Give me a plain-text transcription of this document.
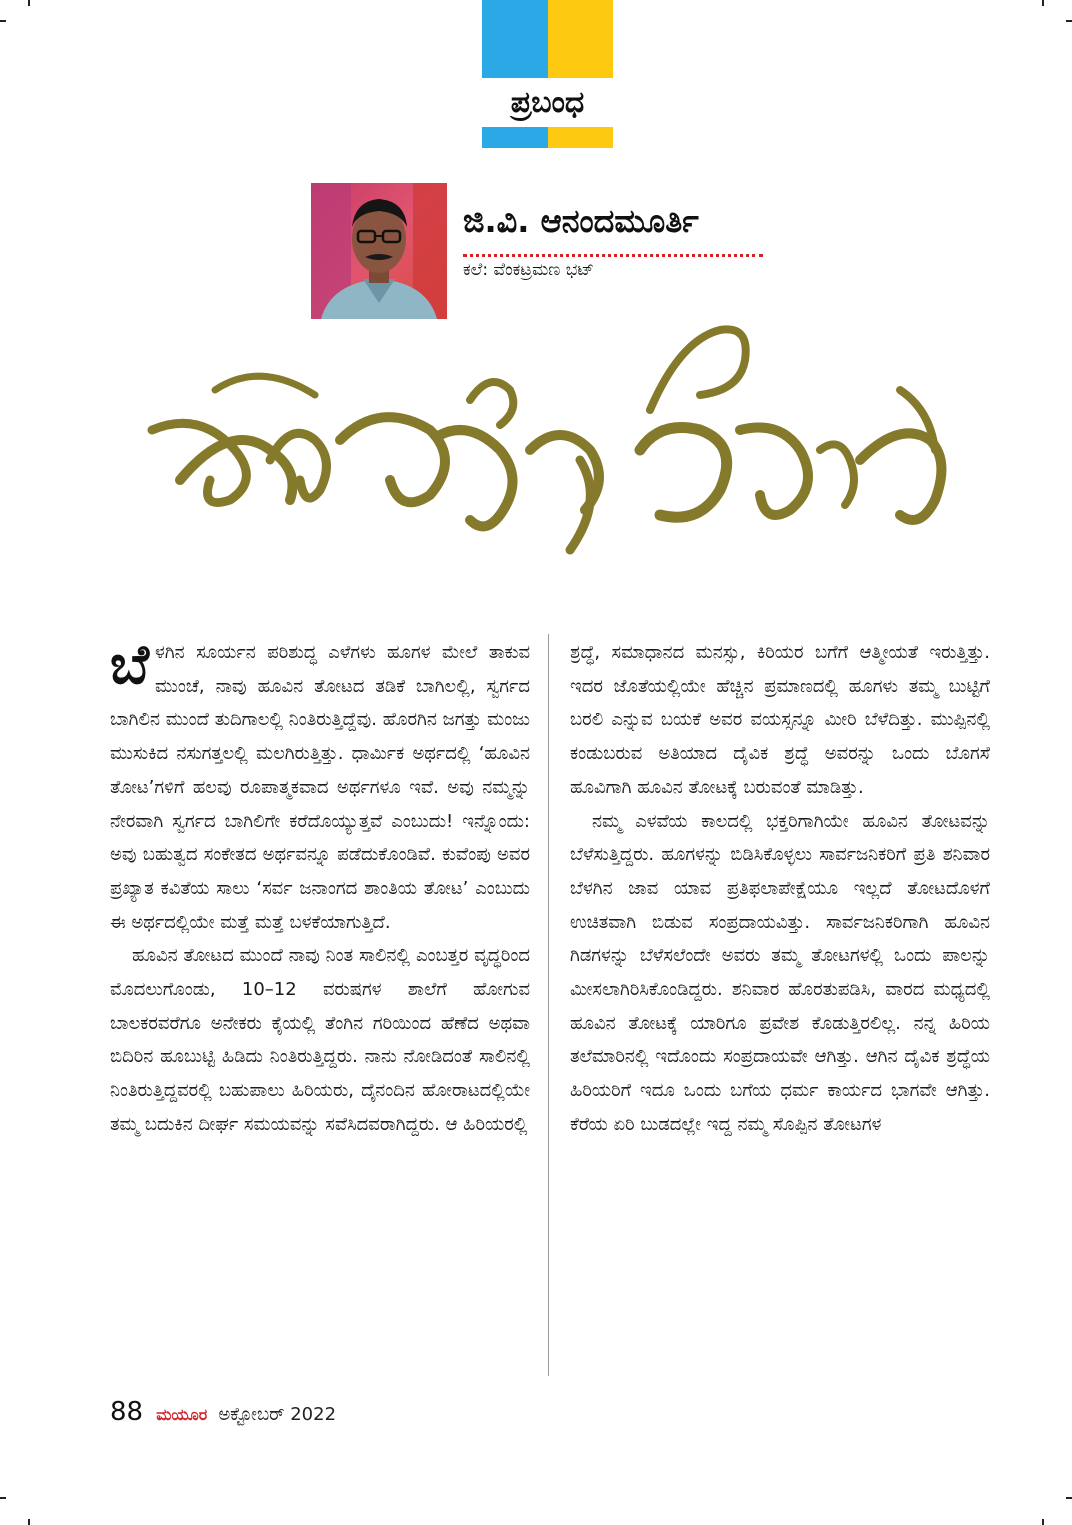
ಪ್ರಬಂಧ
ಜಿ.ವಿ. ಆನಂದಮೂರ್ತಿ
ಕಲೆ: ವೆಂಕಟ್ರಮಣ ಭಟ್

ಬೆಳಗಿನ ಸೂರ್ಯನ ಪರಿಶುದ್ಧ ಎಳೆಗಳು ಹೂಗಳ ಮೇಲೆ ತಾಕುವ ಮುಂಚೆ, ನಾವು ಹೂವಿನ ತೋಟದ ತಡಿಕೆ ಬಾಗಿಲಲ್ಲಿ, ಸ್ವರ್ಗದ ಬಾಗಿಲಿನ ಮುಂದೆ ತುದಿಗಾಲಲ್ಲಿ ನಿಂತಿರುತ್ತಿದ್ದೆವು. ಹೊರಗಿನ ಜಗತ್ತು ಮಂಜು ಮುಸುಕಿದ ನಸುಗತ್ತಲಲ್ಲಿ ಮಲಗಿರುತ್ತಿತ್ತು. ಧಾರ್ಮಿಕ ಅರ್ಥದಲ್ಲಿ ‘ಹೂವಿನ ತೋಟ’ಗಳಿಗೆ ಹಲವು ರೂಪಾತ್ಮಕವಾದ ಅರ್ಥಗಳೂ ಇವೆ. ಅವು ನಮ್ಮನ್ನು ನೇರವಾಗಿ ಸ್ವರ್ಗದ ಬಾಗಿಲಿಗೇ ಕರೆದೊಯ್ಯುತ್ತವೆ ಎಂಬುದು! ಇನ್ನೊಂದು: ಅವು ಬಹುತ್ವದ ಸಂಕೇತದ ಅರ್ಥವನ್ನೂ ಪಡೆದುಕೊಂಡಿವೆ. ಕುವೆಂಪು ಅವರ ಪ್ರಖ್ಯಾತ ಕವಿತೆಯ ಸಾಲು ‘ಸರ್ವ ಜನಾಂಗದ ಶಾಂತಿಯ ತೋಟ’ ಎಂಬುದು ಈ ಅರ್ಥದಲ್ಲಿಯೇ ಮತ್ತೆ ಮತ್ತೆ ಬಳಕೆಯಾಗುತ್ತಿದೆ.

ಹೂವಿನ ತೋಟದ ಮುಂದೆ ನಾವು ನಿಂತ ಸಾಲಿನಲ್ಲಿ ಎಂಬತ್ತರ ವೃದ್ಧರಿಂದ ಮೊದಲುಗೊಂಡು, 10–12 ವರುಷಗಳ ಶಾಲೆಗೆ ಹೋಗುವ ಬಾಲಕರವರೆಗೂ ಅನೇಕರು ಕೈಯಲ್ಲಿ ತೆಂಗಿನ ಗರಿಯಿಂದ ಹೆಣೆದ ಅಥವಾ ಬಿದಿರಿನ ಹೂಬುಟ್ಟಿ ಹಿಡಿದು ನಿಂತಿರುತ್ತಿದ್ದರು. ನಾನು ನೋಡಿದಂತೆ ಸಾಲಿನಲ್ಲಿ ನಿಂತಿರುತ್ತಿದ್ದವರಲ್ಲಿ ಬಹುಪಾಲು ಹಿರಿಯರು, ದೈನಂದಿನ ಹೋರಾಟದಲ್ಲಿಯೇ ತಮ್ಮ ಬದುಕಿನ ದೀರ್ಘ ಸಮಯವನ್ನು ಸವೆಸಿದವರಾಗಿದ್ದರು. ಆ ಹಿರಿಯರಲ್ಲಿ

ಶ್ರದ್ಧೆ, ಸಮಾಧಾನದ ಮನಸ್ಸು, ಕಿರಿಯರ ಬಗೆಗೆ ಆತ್ಮೀಯತೆ ಇರುತ್ತಿತ್ತು. ಇದರ ಜೊತೆಯಲ್ಲಿಯೇ ಹೆಚ್ಚಿನ ಪ್ರಮಾಣದಲ್ಲಿ ಹೂಗಳು ತಮ್ಮ ಬುಟ್ಟಿಗೆ ಬರಲಿ ಎನ್ನುವ ಬಯಕೆ ಅವರ ವಯಸ್ಸನ್ನೂ ಮೀರಿ ಬೆಳೆದಿತ್ತು. ಮುಪ್ಪಿನಲ್ಲಿ ಕಂಡುಬರುವ ಅತಿಯಾದ ದೈವಿಕ ಶ್ರದ್ಧೆ ಅವರನ್ನು ಒಂದು ಬೊಗಸೆ ಹೂವಿಗಾಗಿ ಹೂವಿನ ತೋಟಕ್ಕೆ ಬರುವಂತೆ ಮಾಡಿತ್ತು.

ನಮ್ಮ ಎಳವೆಯ ಕಾಲದಲ್ಲಿ ಭಕ್ತರಿಗಾಗಿಯೇ ಹೂವಿನ ತೋಟವನ್ನು ಬೆಳೆಸುತ್ತಿದ್ದರು. ಹೂಗಳನ್ನು ಬಿಡಿಸಿಕೊಳ್ಳಲು ಸಾರ್ವಜನಿಕರಿಗೆ ಪ್ರತಿ ಶನಿವಾರ ಬೆಳಗಿನ ಜಾವ ಯಾವ ಪ್ರತಿಫಲಾಪೇಕ್ಷೆಯೂ ಇಲ್ಲದೆ ತೋಟದೊಳಗೆ ಉಚಿತವಾಗಿ ಬಿಡುವ ಸಂಪ್ರದಾಯವಿತ್ತು. ಸಾರ್ವಜನಿಕರಿಗಾಗಿ ಹೂವಿನ ಗಿಡಗಳನ್ನು ಬೆಳೆಸಲೆಂದೇ ಅವರು ತಮ್ಮ ತೋಟಗಳಲ್ಲಿ ಒಂದು ಪಾಲನ್ನು ಮೀಸಲಾಗಿರಿಸಿಕೊಂಡಿದ್ದರು. ಶನಿವಾರ ಹೊರತುಪಡಿಸಿ, ವಾರದ ಮಧ್ಯದಲ್ಲಿ ಹೂವಿನ ತೋಟಕ್ಕೆ ಯಾರಿಗೂ ಪ್ರವೇಶ ಕೊಡುತ್ತಿರಲಿಲ್ಲ. ನನ್ನ ಹಿರಿಯ ತಲೆಮಾರಿನಲ್ಲಿ ಇದೊಂದು ಸಂಪ್ರದಾಯವೇ ಆಗಿತ್ತು. ಆಗಿನ ದೈವಿಕ ಶ್ರದ್ಧೆಯ ಹಿರಿಯರಿಗೆ ಇದೂ ಒಂದು ಬಗೆಯ ಧರ್ಮ ಕಾರ್ಯದ ಭಾಗವೇ ಆಗಿತ್ತು. ಕೆರೆಯ ಏರಿ ಬುಡದಲ್ಲೇ ಇದ್ದ ನಮ್ಮ ಸೊಪ್ಪಿನ ತೋಟಗಳ

88 ಮಯೂರ ಅಕ್ಟೋಬರ್ 2022
